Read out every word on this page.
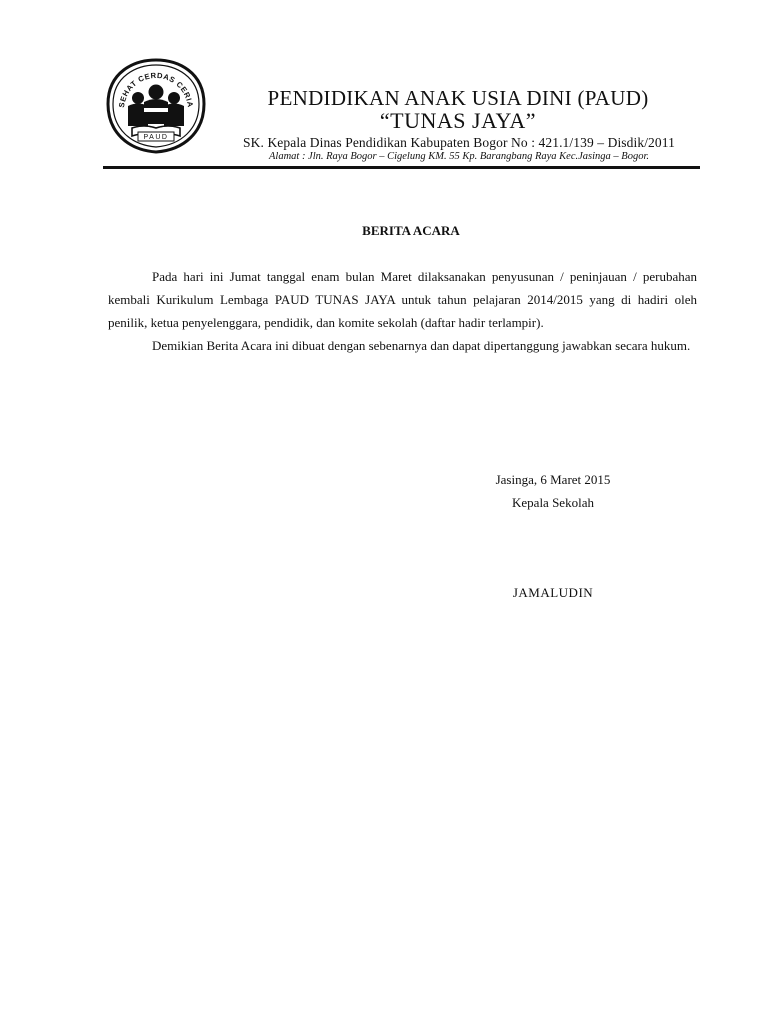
SEHAT CERDAS CERIA
PAUD
PENDIDIKAN ANAK USIA DINI (PAUD)
“TUNAS JAYA”
SK. Kepala Dinas Pendidikan Kabupaten Bogor No : 421.1/139 – Disdik/2011
Alamat : Jln. Raya Bogor – Cigelung KM. 55 Kp. Barangbang Raya Kec.Jasinga – Bogor.
BERITA ACARA

Pada hari ini Jumat tanggal enam bulan Maret dilaksanakan penyusunan / peninjauan / perubahan kembali Kurikulum Lembaga PAUD TUNAS JAYA untuk tahun pelajaran 2014/2015 yang di hadiri oleh penilik, ketua penyelenggara, pendidik, dan komite sekolah (daftar hadir terlampir).

Demikian Berita Acara ini dibuat dengan sebenarnya dan dapat dipertanggung jawabkan secara hukum.

Jasinga, 6 Maret 2015
Kepala Sekolah
JAMALUDIN
